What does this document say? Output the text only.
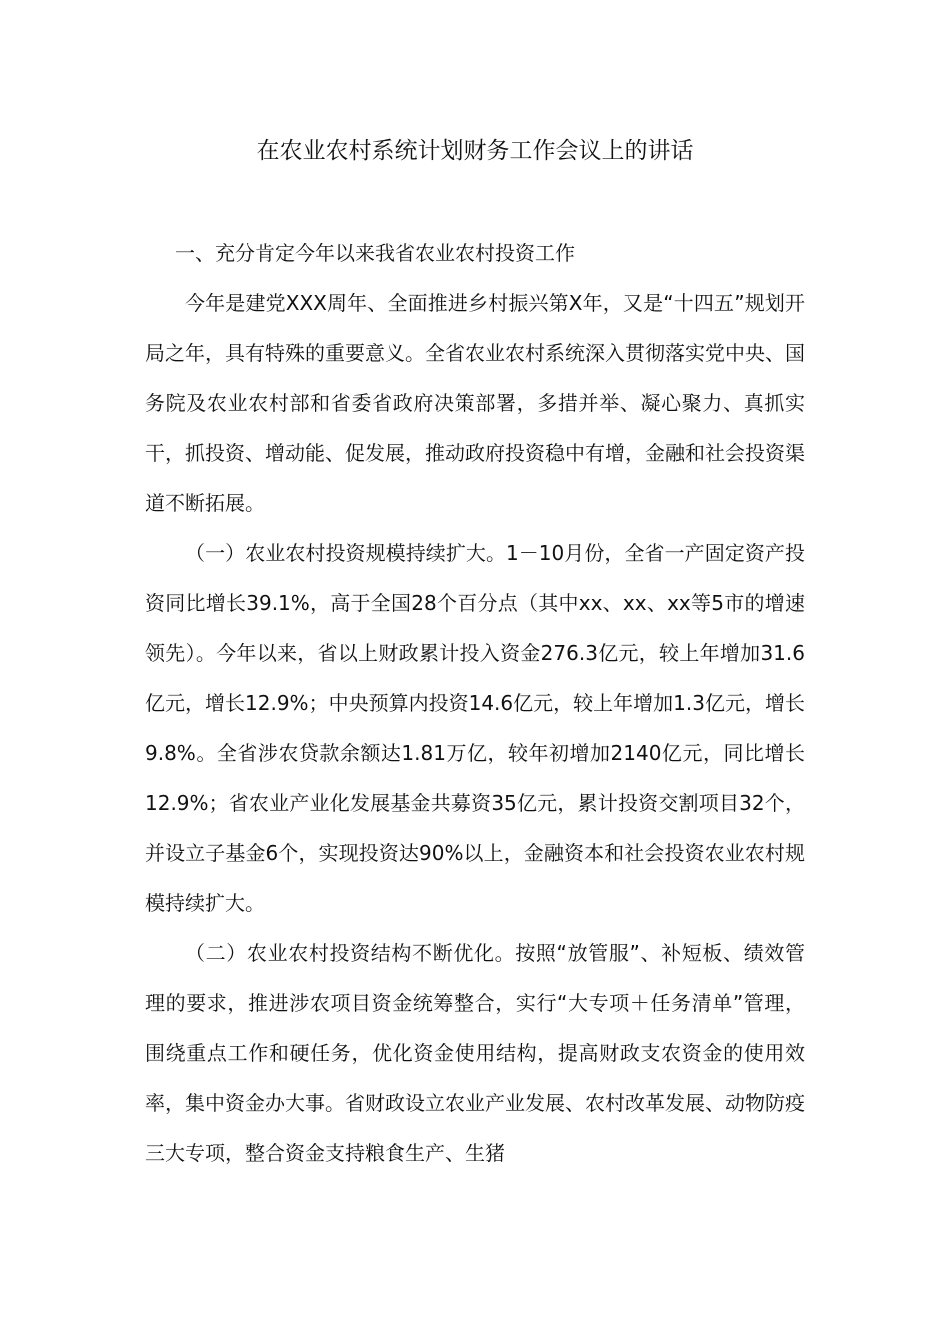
在农业农村系统计划财务工作会议上的讲话

一、充分肯定今年以来我省农业农村投资工作

今年是建党XXX周年、全面推进乡村振兴第X年，又是“十四五”规划开局之年，具有特殊的重要意义。全省农业农村系统深入贯彻落实党中央、国务院及农业农村部和省委省政府决策部署，多措并举、凝心聚力、真抓实干，抓投资、增动能、促发展，推动政府投资稳中有增，金融和社会投资渠道不断拓展。

（一）农业农村投资规模持续扩大。1－10月份，全省一产固定资产投资同比增长39.1%，高于全国28个百分点（其中xx、xx、xx等5市的增速领先）。今年以来，省以上财政累计投入资金276.3亿元，较上年增加31.6亿元，增长12.9%；中央预算内投资14.6亿元，较上年增加1.3亿元，增长9.8%。全省涉农贷款余额达1.81万亿，较年初增加2140亿元，同比增长12.9%；省农业产业化发展基金共募资35亿元，累计投资交割项目32个，并设立子基金6个，实现投资达90%以上，金融资本和社会投资农业农村规模持续扩大。

（二）农业农村投资结构不断优化。按照“放管服”、补短板、绩效管理的要求，推进涉农项目资金统筹整合，实行“大专项＋任务清单”管理，围绕重点工作和硬任务，优化资金使用结构，提高财政支农资金的使用效率，集中资金办大事。省财政设立农业产业发展、农村改革发展、动物防疫三大专项，整合资金支持粮食生产、生猪
